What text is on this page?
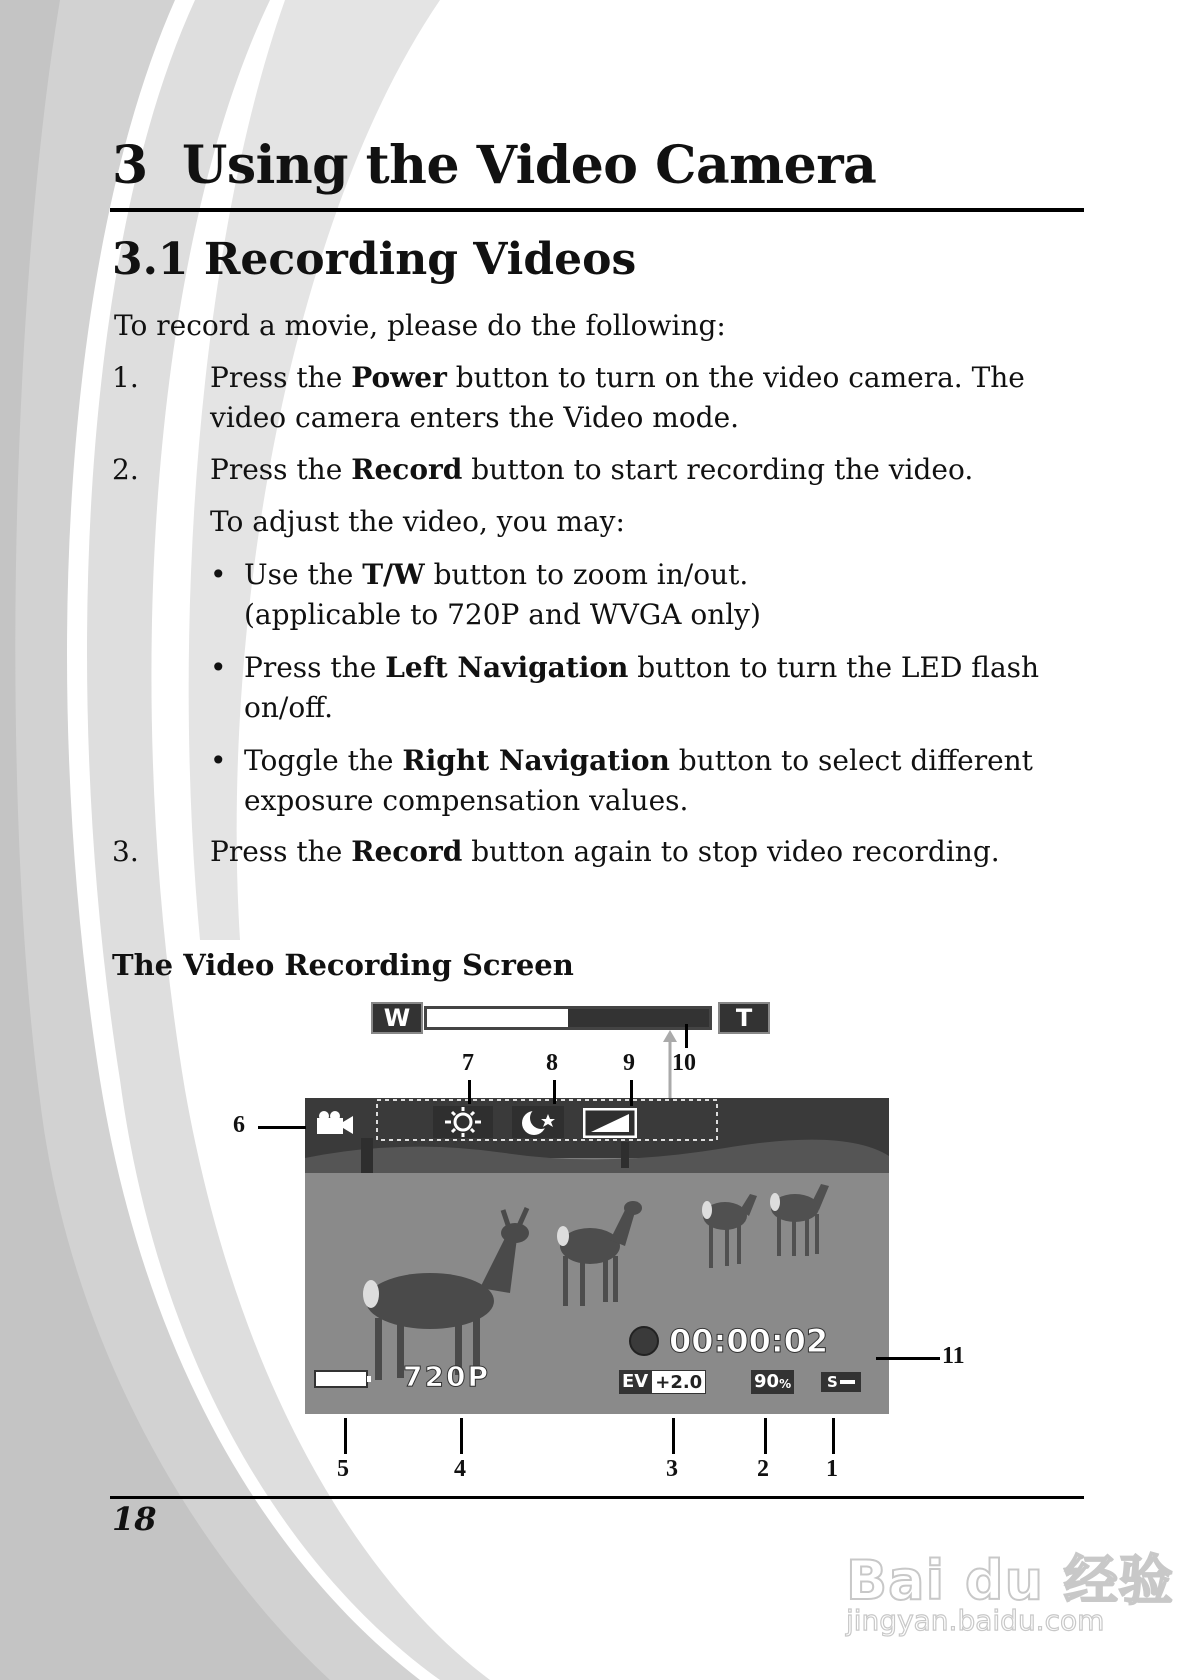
3 Using the Video Camera
3.1 Recording Videos
To record a movie, please do the following:
1.	Press the Power button to turn on the video camera. The
video camera enters the Video mode.
2.	Press the Record button to start recording the video.
To adjust the video, you may:
• Use the T/W button to zoom in/out.
(applicable to 720P and WVGA only)
• Press the Left Navigation button to turn the LED flash
on/off.
• Toggle the Right Navigation button to select different
exposure compensation values.
3.	Press the Record button again to stop video recording.
The Video Recording Screen
W	T
00:00:02
720P	EV +2.0	90 % S
6
7	8	9 10
11
5	4	3	2 1
18
Bai du 经验
jingyan.baidu.com
